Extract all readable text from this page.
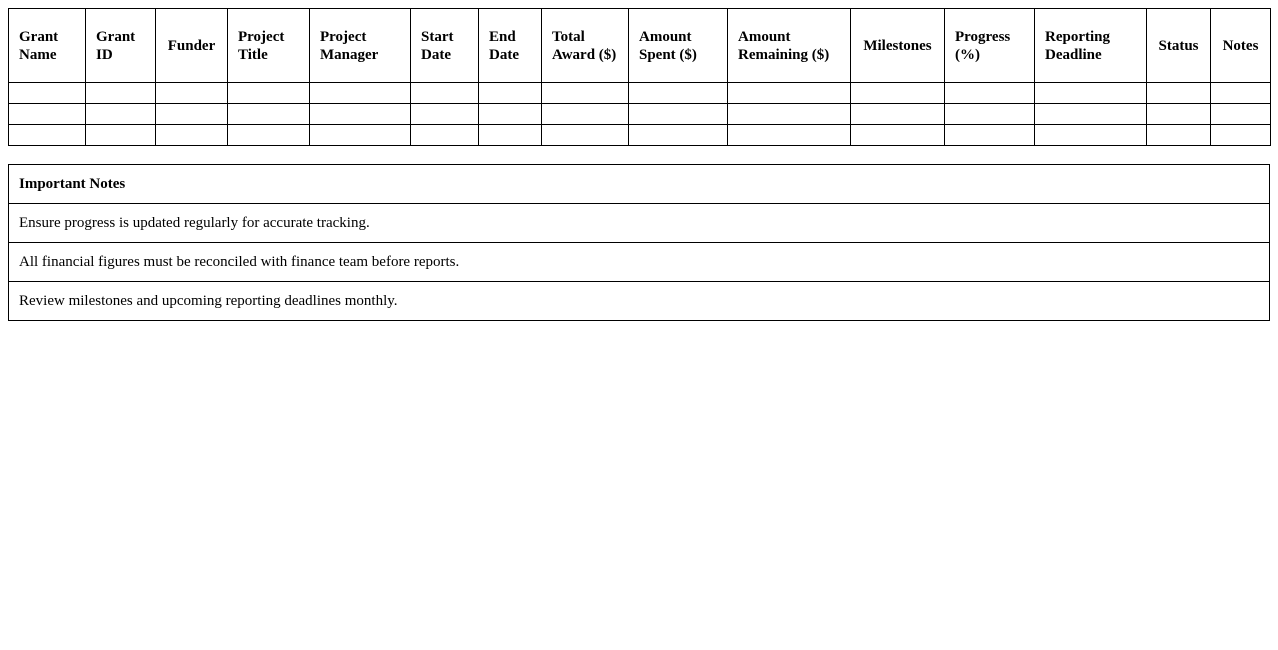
Grant Name	Grant ID	Funder	Project Title	Project Manager	Start Date	End Date	Total Award ($)	Amount Spent ($)	Amount Remaining ($)	Milestones	Progress (%)	Reporting Deadline	Status	Notes

Important Notes
Ensure progress is updated regularly for accurate tracking.
All financial figures must be reconciled with finance team before reports.
Review milestones and upcoming reporting deadlines monthly.
